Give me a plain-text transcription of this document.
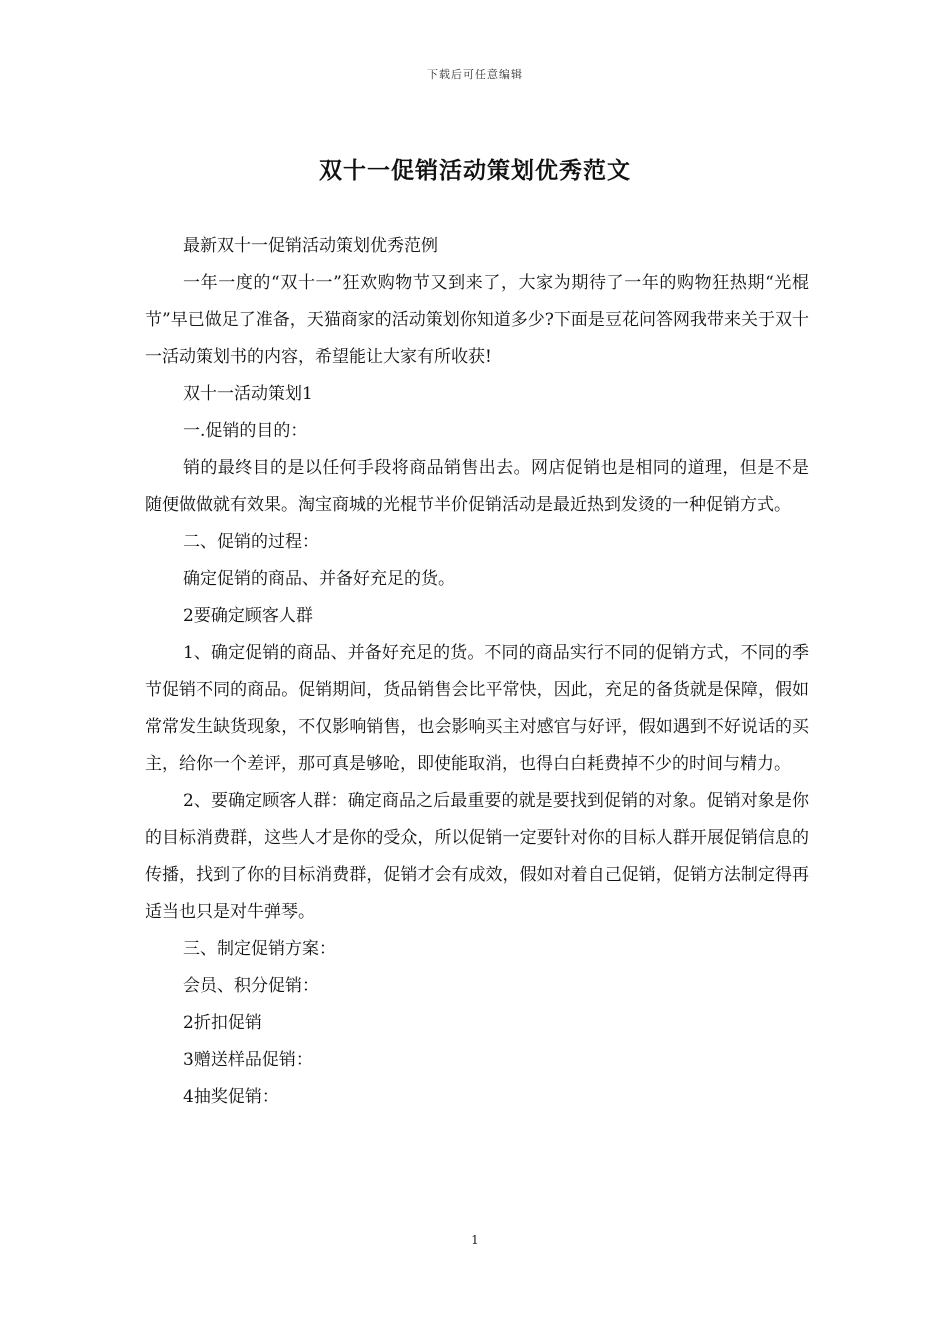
下载后可任意编辑
双十一促销活动策划优秀范文

最新双十一促销活动策划优秀范例

一年一度的“双十一”狂欢购物节又到来了，大家为期待了一年的购物狂热期“光棍节”早已做足了准备，天猫商家的活动策划你知道多少?下面是豆花问答网我带来关于双十一活动策划书的内容，希望能让大家有所收获!

双十一活动策划1

一.促销的目的：

销的最终目的是以任何手段将商品销售出去。网店促销也是相同的道理，但是不是随便做做就有效果。淘宝商城的光棍节半价促销活动是最近热到发烫的一种促销方式。

二、促销的过程：

确定促销的商品、并备好充足的货。

2要确定顾客人群

1、确定促销的商品、并备好充足的货。不同的商品实行不同的促销方式，不同的季节促销不同的商品。促销期间，货品销售会比平常快，因此，充足的备货就是保障，假如常常发生缺货现象，不仅影响销售，也会影响买主对感官与好评，假如遇到不好说话的买主，给你一个差评，那可真是够呛，即使能取消，也得白白耗费掉不少的时间与精力。

2、要确定顾客人群：确定商品之后最重要的就是要找到促销的对象。促销对象是你的目标消费群，这些人才是你的受众，所以促销一定要针对你的目标人群开展促销信息的传播，找到了你的目标消费群，促销才会有成效，假如对着自己促销，促销方法制定得再适当也只是对牛弹琴。

三、制定促销方案：

会员、积分促销：

2折扣促销

3赠送样品促销：

4抽奖促销：

1
